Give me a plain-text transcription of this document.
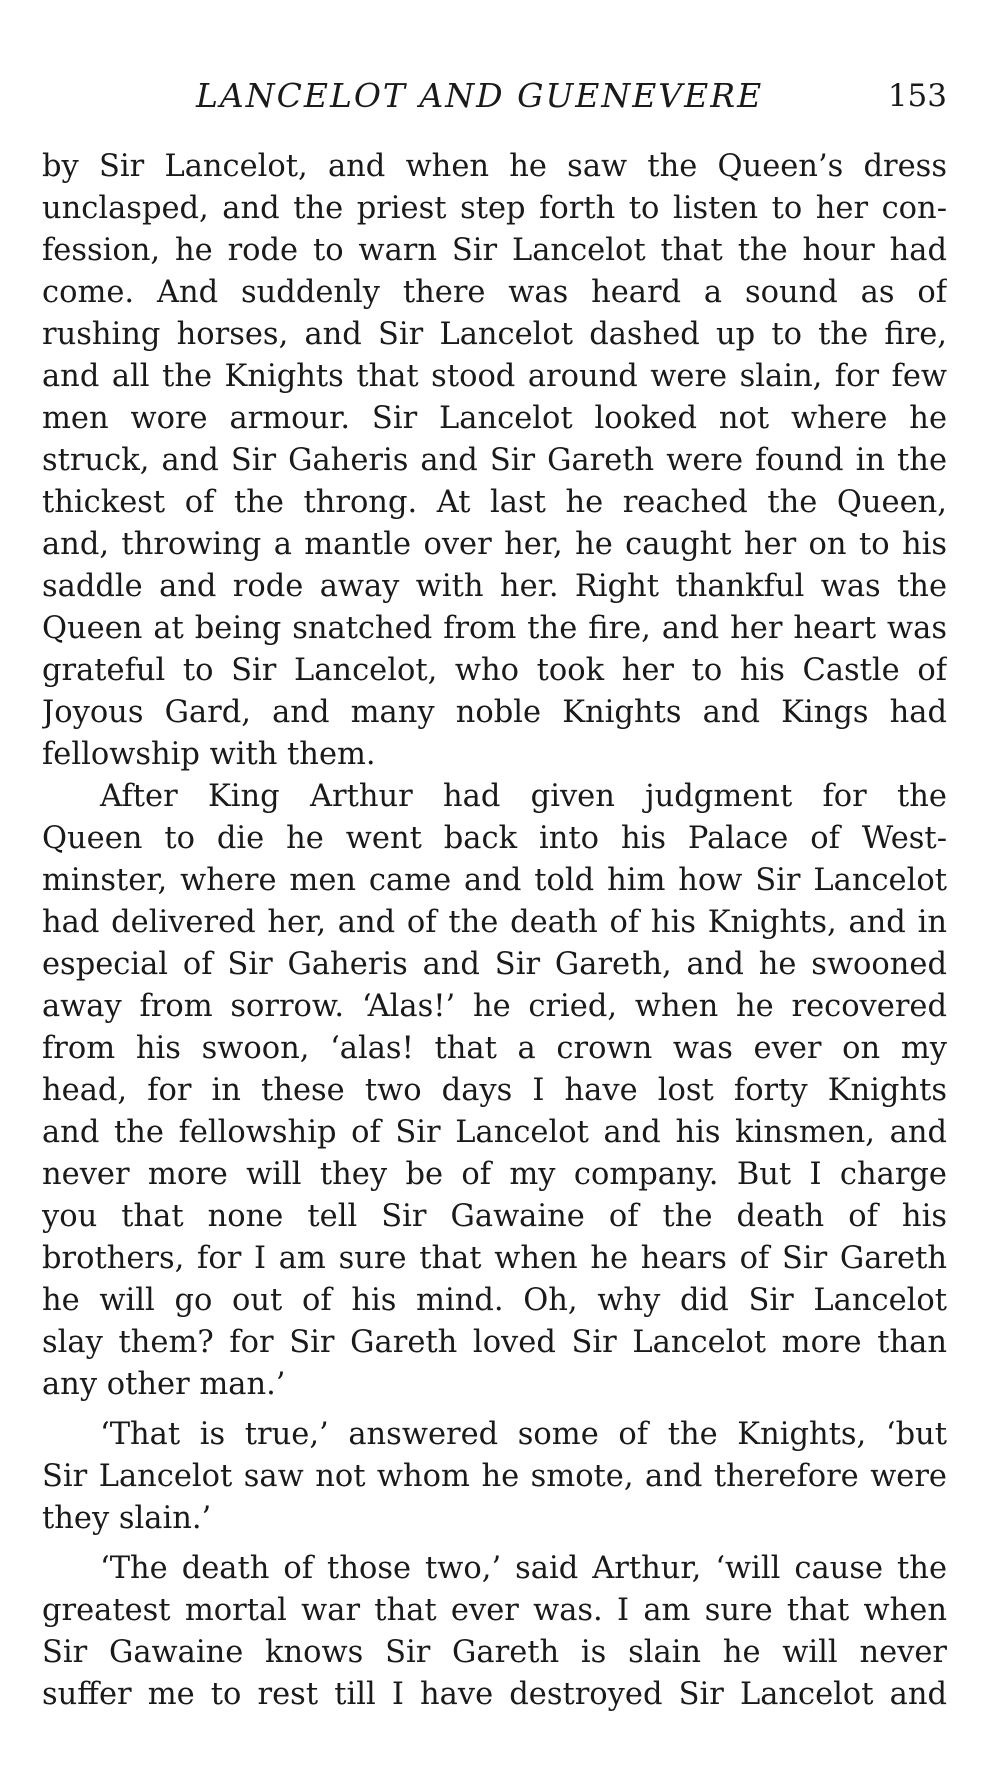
LANCELOT AND GUENEVERE	153
by Sir Lancelot, and when he saw the Queen’s dress
unclasped, and the priest step forth to listen to her con-
fession, he rode to warn Sir Lancelot that the hour had
come. And suddenly there was heard a sound as of
rushing horses, and Sir Lancelot dashed up to the fire,
and all the Knights that stood around were slain, for few
men wore armour. Sir Lancelot looked not where he
struck, and Sir Gaheris and Sir Gareth were found in the
thickest of the throng. At last he reached the Queen,
and, throwing a mantle over her, he caught her on to his
saddle and rode away with her. Right thankful was the
Queen at being snatched from the fire, and her heart was
grateful to Sir Lancelot, who took her to his Castle of
Joyous Gard, and many noble Knights and Kings had
fellowship with them.
After King Arthur had given judgment for the
Queen to die he went back into his Palace of West-
minster, where men came and told him how Sir Lancelot
had delivered her, and of the death of his Knights, and in
especial of Sir Gaheris and Sir Gareth, and he swooned
away from sorrow. ‘Alas!’ he cried, when he recovered
from his swoon, ‘alas! that a crown was ever on my
head, for in these two days I have lost forty Knights
and the fellowship of Sir Lancelot and his kinsmen, and
never more will they be of my company. But I charge
you that none tell Sir Gawaine of the death of his
brothers, for I am sure that when he hears of Sir Gareth
he will go out of his mind. Oh, why did Sir Lancelot
slay them? for Sir Gareth loved Sir Lancelot more than
any other man.’
‘That is true,’ answered some of the Knights, ‘but
Sir Lancelot saw not whom he smote, and therefore were
they slain.’
‘The death of those two,’ said Arthur, ‘will cause the
greatest mortal war that ever was. I am sure that when
Sir Gawaine knows Sir Gareth is slain he will never
suffer me to rest till I have destroyed Sir Lancelot and
